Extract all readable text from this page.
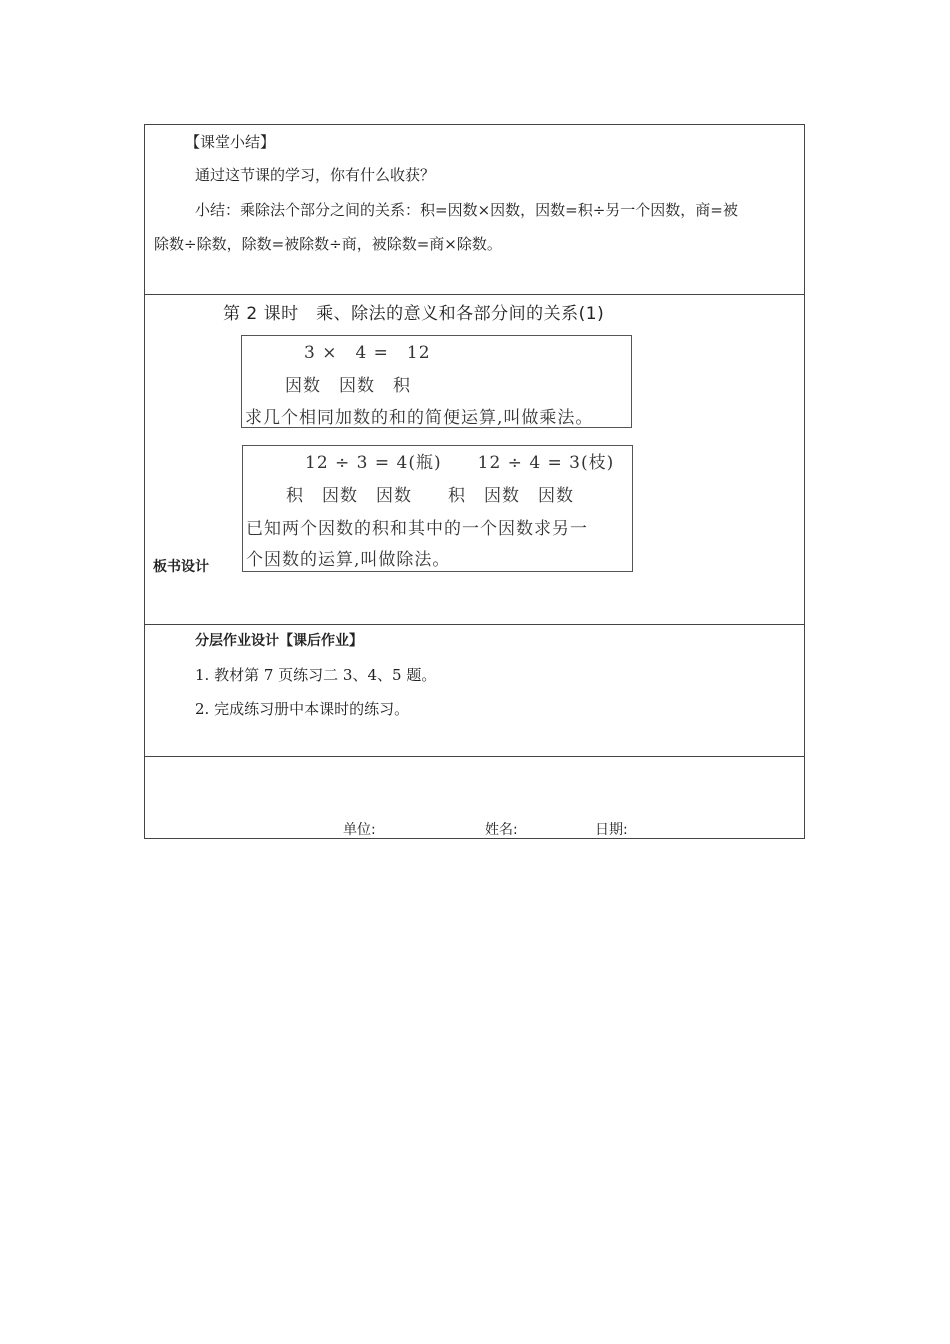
【课堂小结】
通过这节课的学习，你有什么收获？
小结：乘除法个部分之间的关系：积=因数×因数，因数=积÷另一个因数，商=被
除数÷除数，除数=被除数÷商，被除数=商×除数。
板书设计
第 2 课时　乘、除法的意义和各部分间的关系(1)
3 ×　4 =　12
因数　因数　积
求几个相同加数的和的简便运算,叫做乘法。
12 ÷ 3 = 4(瓶)　　12 ÷ 4 = 3(枝)
积　因数　因数　　积　因数　因数
已知两个因数的积和其中的一个因数求另一
个因数的运算,叫做除法。
分层作业设计【课后作业】
1. 教材第 7 页练习二 3、4、5 题。
2. 完成练习册中本课时的练习。
单位:	姓名:	日期:
